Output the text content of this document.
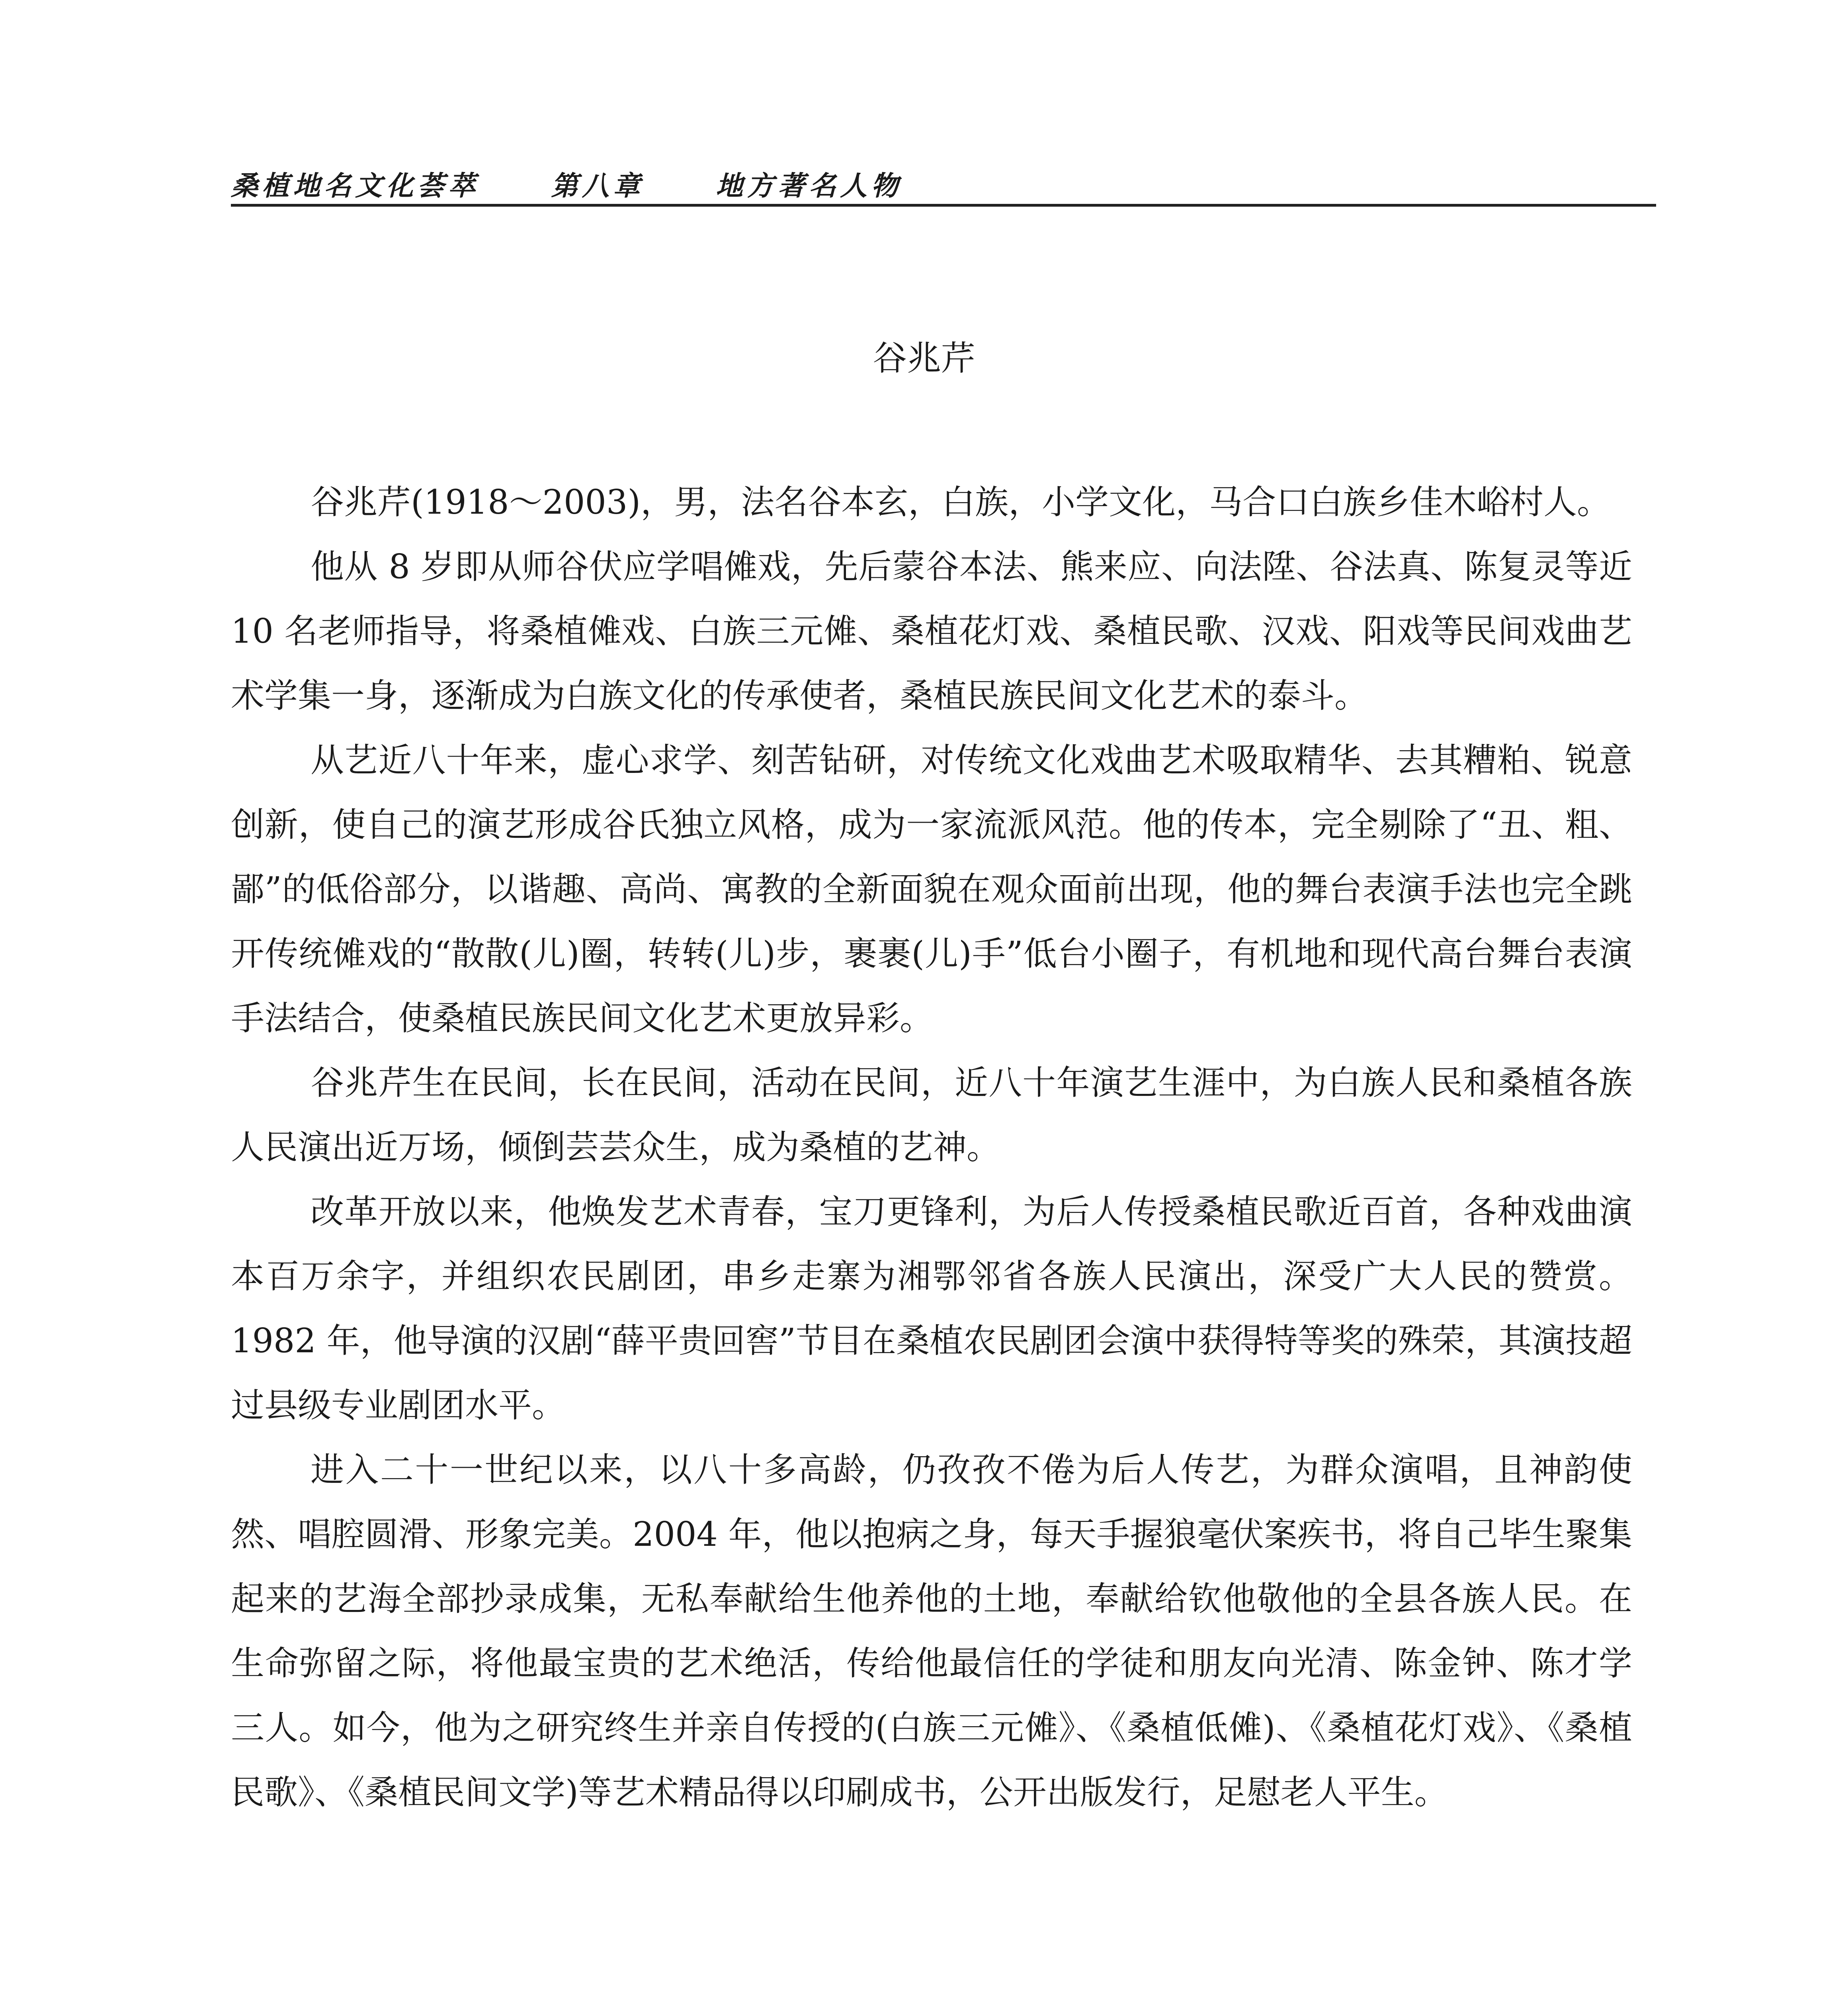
桑植地名文化荟萃	第八章	地方著名人物
谷兆芹

谷兆芹(1918～2003)，男，法名谷本玄，白族，小学文化，马合口白族乡佳木峪村人。

他从 8 岁即从师谷伏应学唱傩戏，先后蒙谷本法、熊来应、向法陞、谷法真、陈复灵等近 10 名老师指导，将桑植傩戏、白族三元傩、桑植花灯戏、桑植民歌、汉戏、阳戏等民间戏曲艺术学集一身，逐渐成为白族文化的传承使者，桑植民族民间文化艺术的泰斗。

从艺近八十年来，虚心求学、刻苦钻研，对传统文化戏曲艺术吸取精华、去其糟粕、锐意创新，使自己的演艺形成谷氏独立风格，成为一家流派风范。他的传本，完全剔除了“丑、粗、鄙”的低俗部分，以谐趣、高尚、寓教的全新面貌在观众面前出现，他的舞台表演手法也完全跳开传统傩戏的“散散(儿)圈，转转(儿)步，裹裹(儿)手”低台小圈子，有机地和现代高台舞台表演手法结合，使桑植民族民间文化艺术更放异彩。

谷兆芹生在民间，长在民间，活动在民间，近八十年演艺生涯中，为白族人民和桑植各族人民演出近万场，倾倒芸芸众生，成为桑植的艺神。

改革开放以来，他焕发艺术青春，宝刀更锋利，为后人传授桑植民歌近百首，各种戏曲演本百万余字，并组织农民剧团，串乡走寨为湘鄂邻省各族人民演出，深受广大人民的赞赏。1982 年，他导演的汉剧“薛平贵回窖”节目在桑植农民剧团会演中获得特等奖的殊荣，其演技超过县级专业剧团水平。

进入二十一世纪以来，以八十多高龄，仍孜孜不倦为后人传艺，为群众演唱，且神韵使然、唱腔圆滑、形象完美。2004 年，他以抱病之身，每天手握狼毫伏案疾书，将自己毕生聚集起来的艺海全部抄录成集，无私奉献给生他养他的土地，奉献给钦他敬他的全县各族人民。在生命弥留之际，将他最宝贵的艺术绝活，传给他最信任的学徒和朋友向光清、陈金钟、陈才学三人。如今，他为之研究终生并亲自传授的(白族三元傩》、《桑植低傩)、《桑植花灯戏》、《桑植民歌》、《桑植民间文学)等艺术精品得以印刷成书，公开出版发行，足慰老人平生。
